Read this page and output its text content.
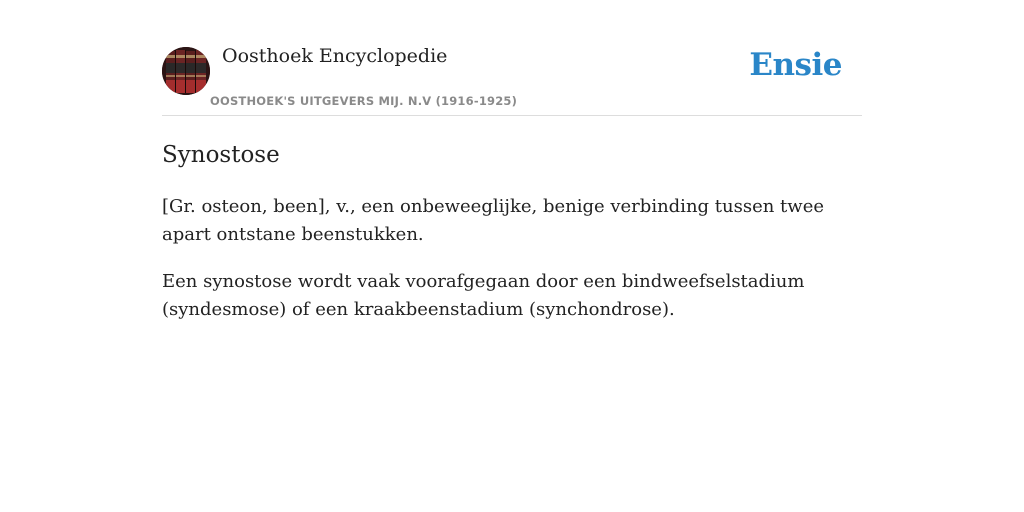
Oosthoek Encyclopedie
OOSTHOEK'S UITGEVERS MIJ. N.V (1916-1925)
Ensie
Synostose

[Gr. osteon, been], v., een onbeweeglijke, benige verbinding tussen twee apart ontstane beenstukken.

Een synostose wordt vaak voorafgegaan door een bindweefselstadium (syndesmose) of een kraakbeenstadium (synchondrose).
